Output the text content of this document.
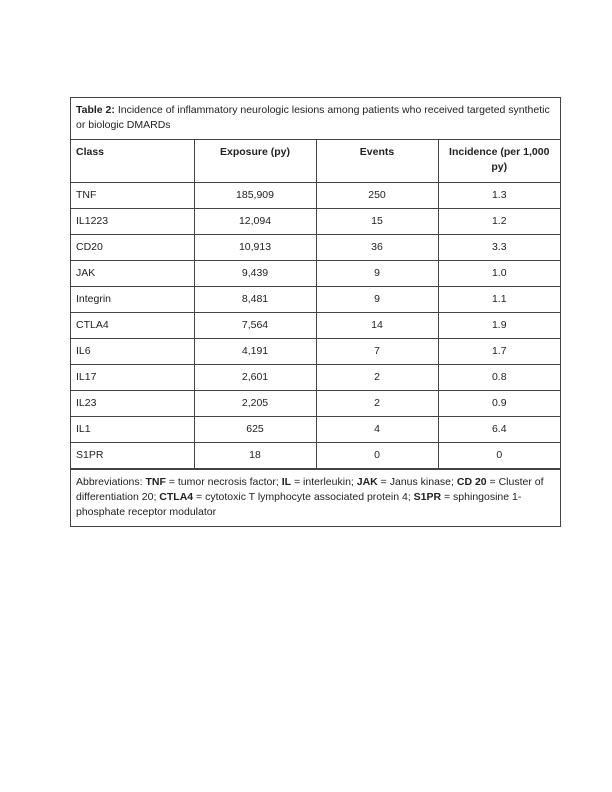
Table 2: Incidence of inflammatory neurologic lesions among patients who received targeted synthetic or biologic DMARDs
Class	Exposure (py)	Events	Incidence (per 1,000 py)
TNF	185,909	250	1.3
IL1223	12,094	15	1.2
CD20	10,913	36	3.3
JAK	9,439	9	1.0
Integrin	8,481	9	1.1
CTLA4	7,564	14	1.9
IL6	4,191	7	1.7
IL17	2,601	2	0.8
IL23	2,205	2	0.9
IL1	625	4	6.4
S1PR	18	0	0
Abbreviations: TNF = tumor necrosis factor; IL = interleukin; JAK = Janus kinase; CD 20 = Cluster of differentiation 20; CTLA4 = cytotoxic T lymphocyte associated protein 4; S1PR = sphingosine 1-phosphate receptor modulator
